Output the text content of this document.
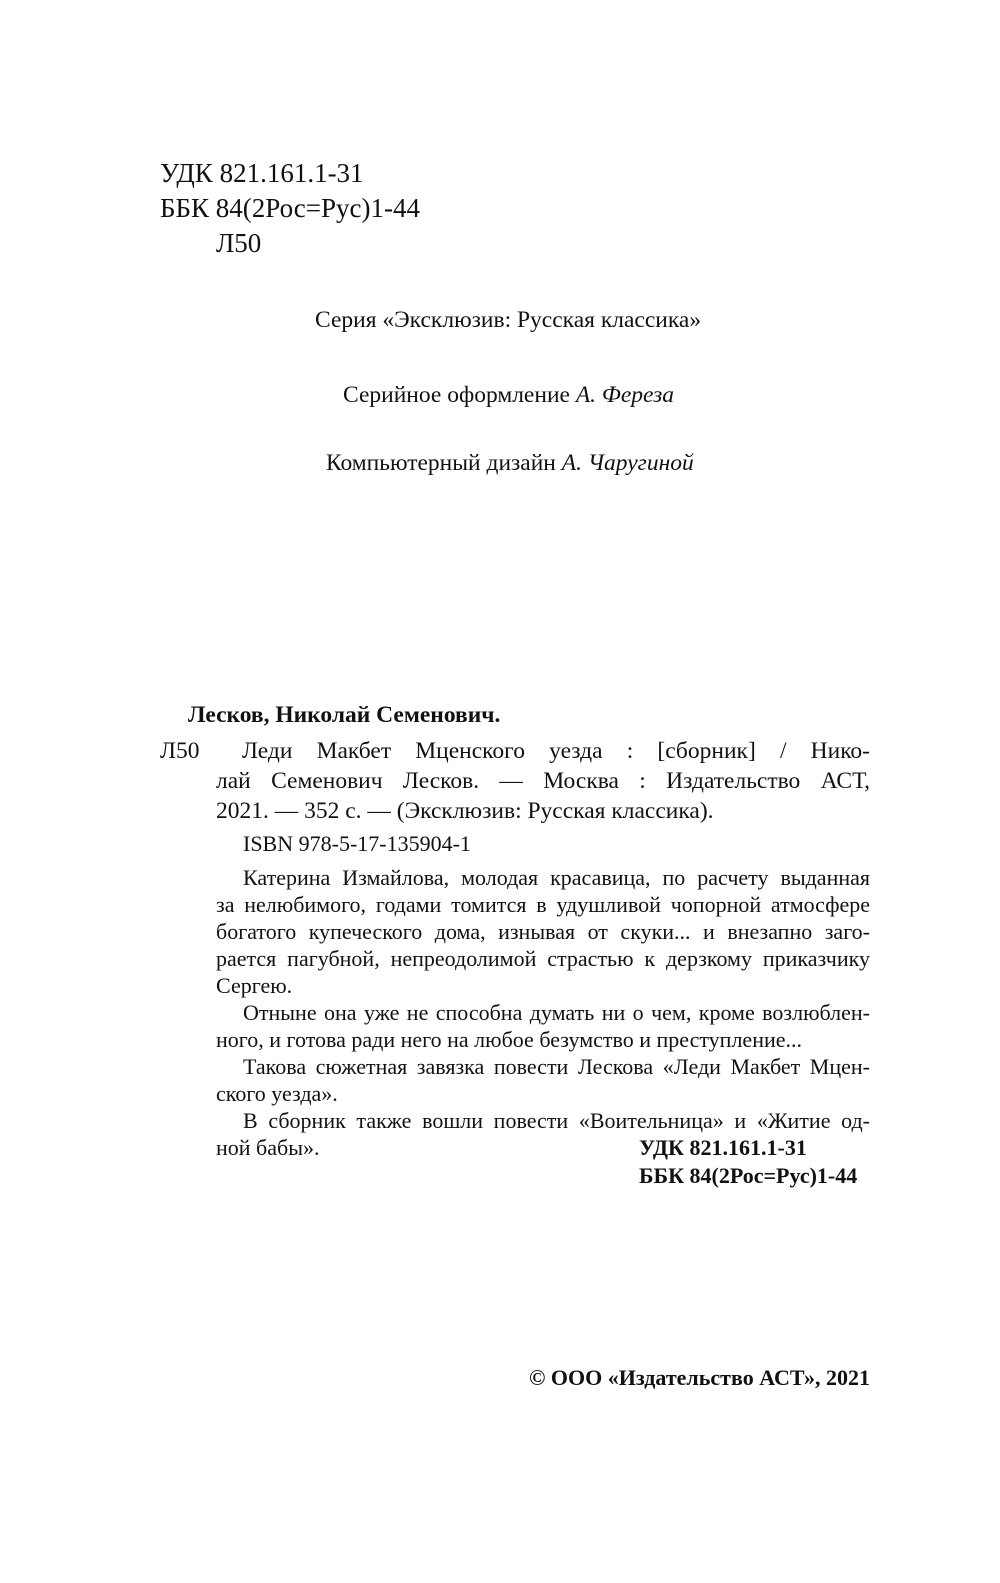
УДК 821.161.1-31
ББК 84(2Рос=Рус)1-44
Л50
Серия «Эксклюзив: Русская классика»
Серийное оформление А. Фереза
Компьютерный дизайн А. Чаругиной
Лесков, Николай Семенович.
Л50 Леди Макбет Мценского уезда : [сборник] / Нико-
лай Семенович Лесков. — Москва : Издательство АСТ,
2021. — 352 с. — (Эксклюзив: Русская классика).
ISBN 978-5-17-135904-1
Катерина Измайлова, молодая красавица, по расчету выданная
за нелюбимого, годами томится в удушливой чопорной атмосфере
богатого купеческого дома, изнывая от скуки... и внезапно заго-
рается пагубной, непреодолимой страстью к дерзкому приказчику
Сергею.
Отныне она уже не способна думать ни о чем, кроме возлюблен-
ного, и готова ради него на любое безумство и преступление...
Такова сюжетная завязка повести Лескова «Леди Макбет Мцен-
ского уезда».
В сборник также вошли повести «Воительница» и «Житие од-
ной бабы».	УДК 821.161.1-31
ББК 84(2Рос=Рус)1-44
© ООО «Издательство АСТ», 2021
